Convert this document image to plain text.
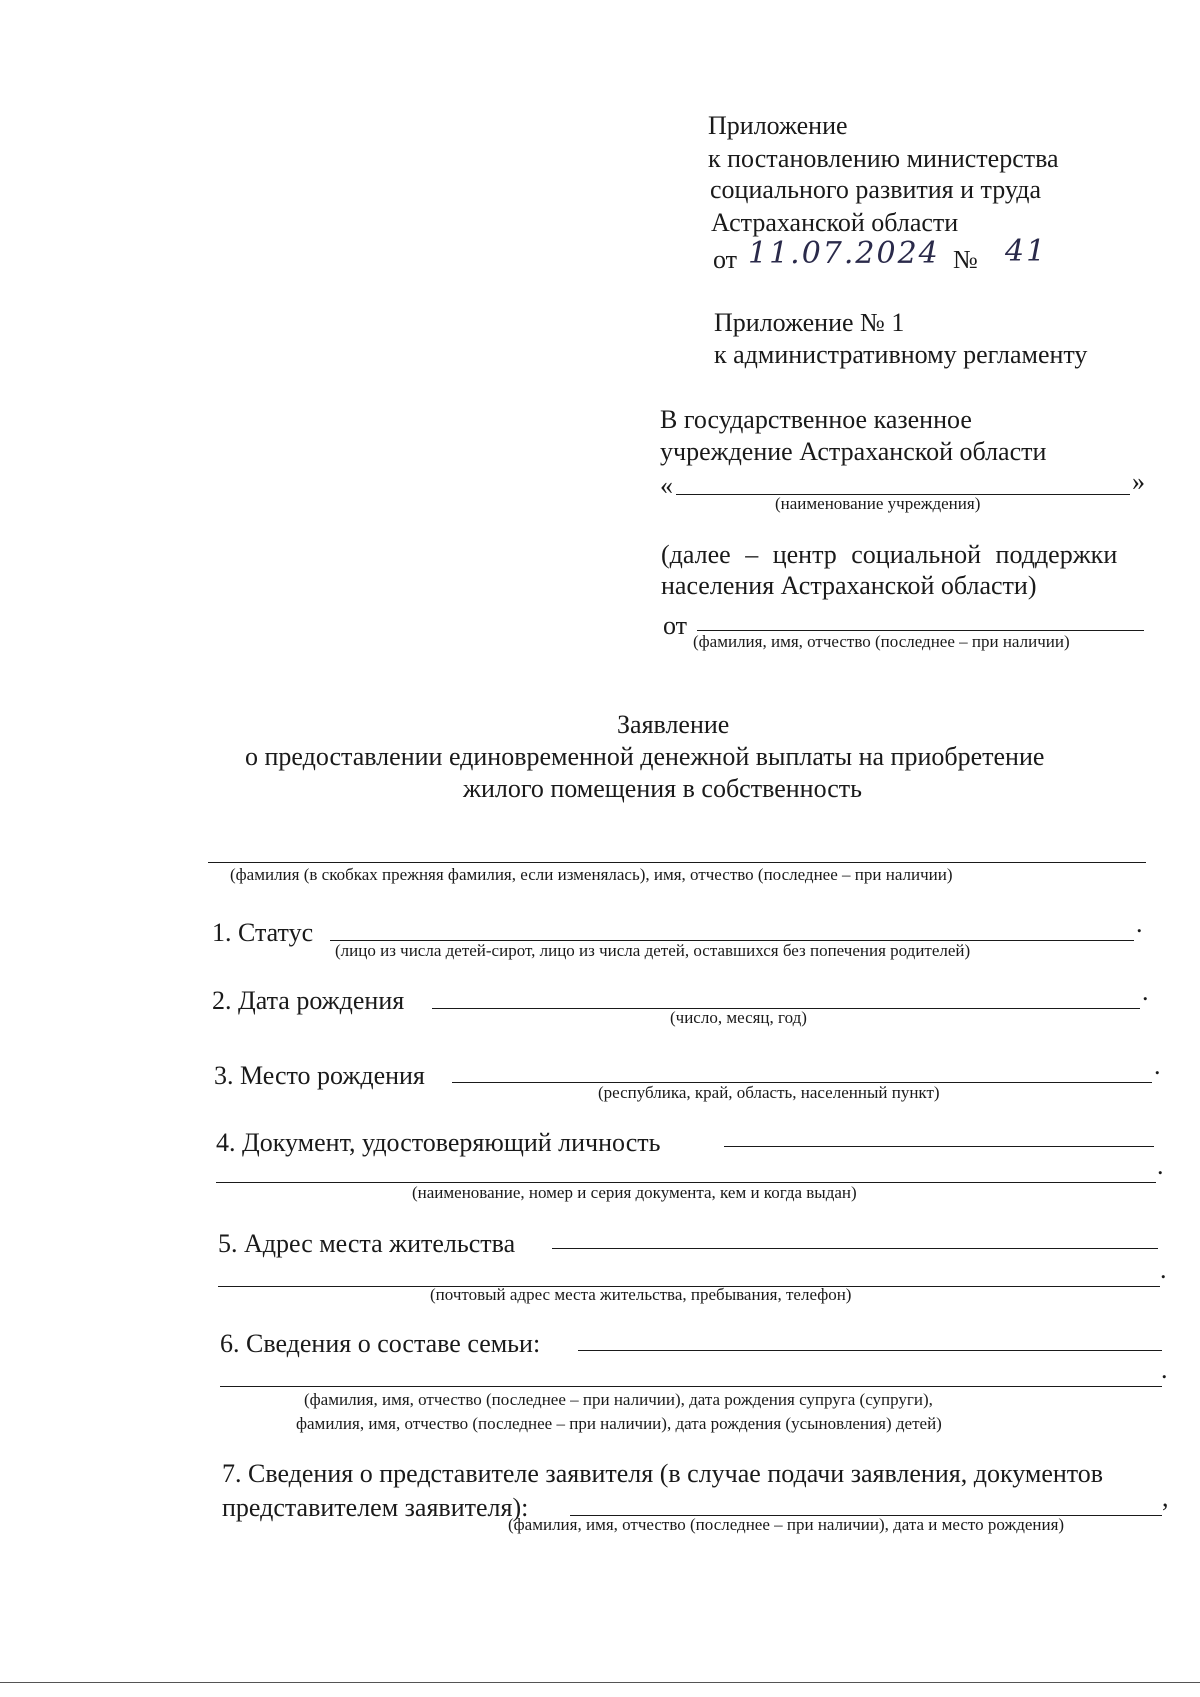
Приложение
к постановлению министерства
социального развития и труда
Астраханской области
от 11.07.2024 № 41
Приложение № 1
к административному регламенту
В государственное казенное
учреждение Астраханской области
«	»
(наименование учреждения)
(далее – центр социальной поддержки
населения Астраханской области)
от
(фамилия, имя, отчество (последнее – при наличии)
Заявление
о предоставлении единовременной денежной выплаты на приобретение
жилого помещения в собственность
(фамилия (в скобках прежняя фамилия, если изменялась), имя, отчество (последнее – при наличии)
1. Статус	.
(лицо из числа детей-сирот, лицо из числа детей, оставшихся без попечения родителей)
2. Дата рождения	.
(число, месяц, год)
3. Место рождения	.
(республика, край, область, населенный пункт)
4. Документ, удостоверяющий личность
.
(наименование, номер и серия документа, кем и когда выдан)
5. Адрес места жительства
.
(почтовый адрес места жительства, пребывания, телефон)
6. Сведения о составе семьи:
.
(фамилия, имя, отчество (последнее – при наличии), дата рождения супруга (супруги),
фамилия, имя, отчество (последнее – при наличии), дата рождения (усыновления) детей)
7. Сведения о представителе заявителя (в случае подачи заявления, документов
представителем заявителя):	,
(фамилия, имя, отчество (последнее – при наличии), дата и место рождения)
